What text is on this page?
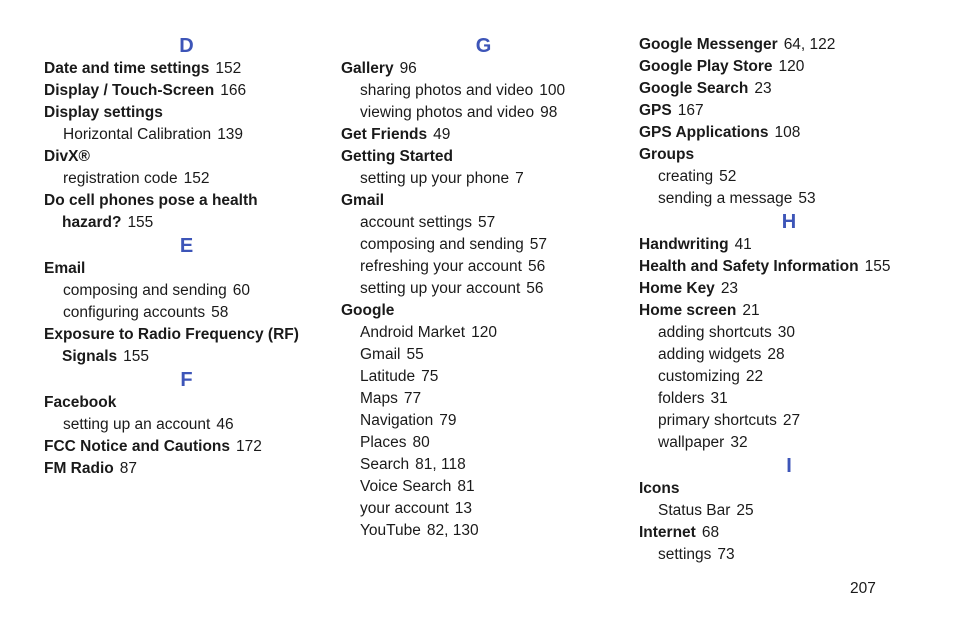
D
Date and time settings 152
Display / Touch-Screen 166
Display settings
Horizontal Calibration 139
DivX®
registration code 152
Do cell phones pose a health
hazard? 155
E
Email
composing and sending 60
configuring accounts 58
Exposure to Radio Frequency (RF)
Signals 155
F
Facebook
setting up an account 46
FCC Notice and Cautions 172
FM Radio 87
G
Gallery 96
sharing photos and video 100
viewing photos and video 98
Get Friends 49
Getting Started
setting up your phone 7
Gmail
account settings 57
composing and sending 57
refreshing your account 56
setting up your account 56
Google
Android Market 120
Gmail 55
Latitude 75
Maps 77
Navigation 79
Places 80
Search 81, 118
Voice Search 81
your account 13
YouTube 82, 130
Google Messenger 64, 122
Google Play Store 120
Google Search 23
GPS 167
GPS Applications 108
Groups
creating 52
sending a message 53
H
Handwriting 41
Health and Safety Information 155
Home Key 23
Home screen 21
adding shortcuts 30
adding widgets 28
customizing 22
folders 31
primary shortcuts 27
wallpaper 32
I
Icons
Status Bar 25
Internet 68
settings 73
207
